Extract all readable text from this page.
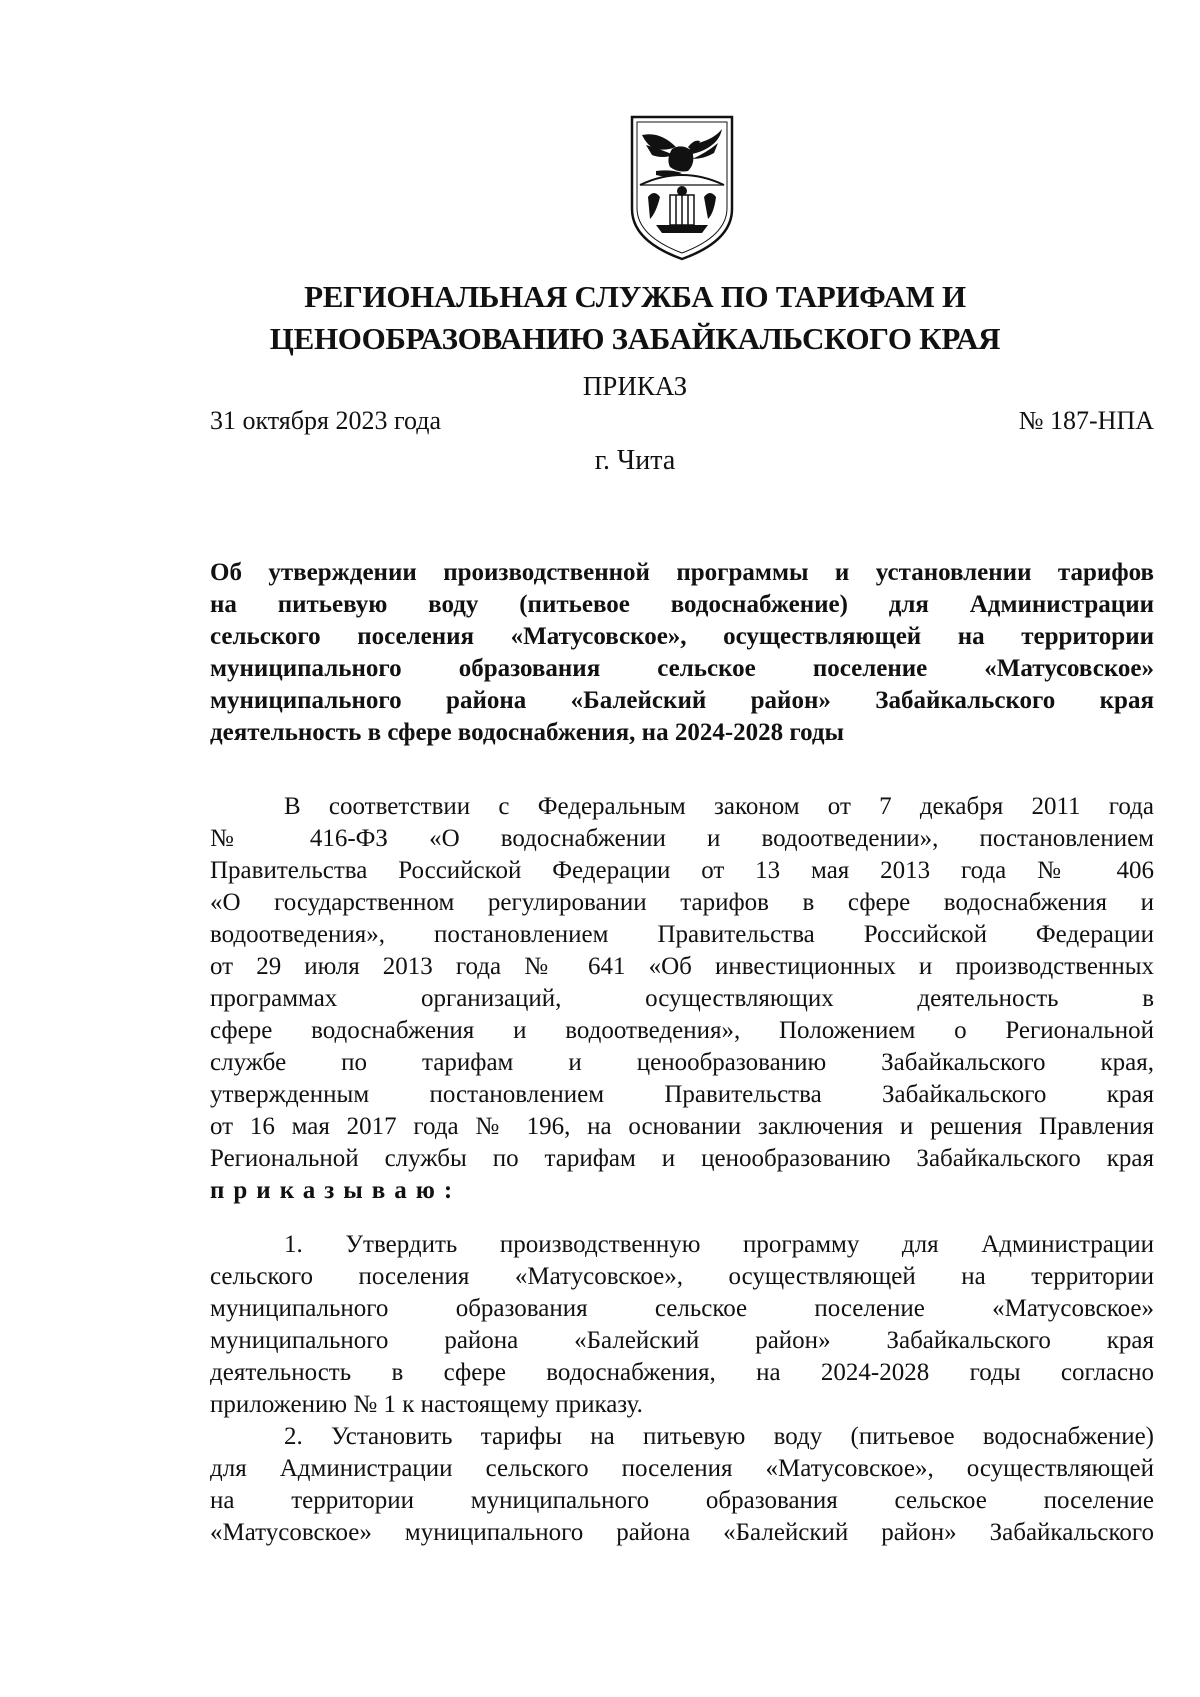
РЕГИОНАЛЬНАЯ СЛУЖБА ПО ТАРИФАМ И
ЦЕНООБРАЗОВАНИЮ ЗАБАЙКАЛЬСКОГО КРАЯ
ПРИКАЗ
31 октября 2023 года	№ 187-НПА
г. Чита
Об утверждении производственной программы и установлении тарифов
на питьевую воду (питьевое водоснабжение) для Администрации
сельского поселения «Матусовское», осуществляющей на территории
муниципального образования сельское поселение «Матусовское»
муниципального района «Балейский район» Забайкальского края
деятельность в сфере водоснабжения, на 2024-2028 годы
В соответствии с Федеральным законом от 7 декабря 2011 года
№ 416-ФЗ «О водоснабжении и водоотведении», постановлением
Правительства Российской Федерации от 13 мая 2013 года № 406
«О государственном регулировании тарифов в сфере водоснабжения и
водоотведения», постановлением Правительства Российской Федерации
от 29 июля 2013 года № 641 «Об инвестиционных и производственных
программах организаций, осуществляющих деятельность в
сфере водоснабжения и водоотведения», Положением о Региональной
службе по тарифам и ценообразованию Забайкальского края,
утвержденным постановлением Правительства Забайкальского края
от 16 мая 2017 года № 196, на основании заключения и решения Правления
Региональной службы по тарифам и ценообразованию Забайкальского края
приказываю:
1. Утвердить производственную программу для Администрации
сельского поселения «Матусовское», осуществляющей на территории
муниципального образования сельское поселение «Матусовское»
муниципального района «Балейский район» Забайкальского края
деятельность в сфере водоснабжения, на 2024-2028 годы согласно
приложению № 1 к настоящему приказу.
2. Установить тарифы на питьевую воду (питьевое водоснабжение)
для Администрации сельского поселения «Матусовское», осуществляющей
на территории муниципального образования сельское поселение
«Матусовское» муниципального района «Балейский район» Забайкальского
